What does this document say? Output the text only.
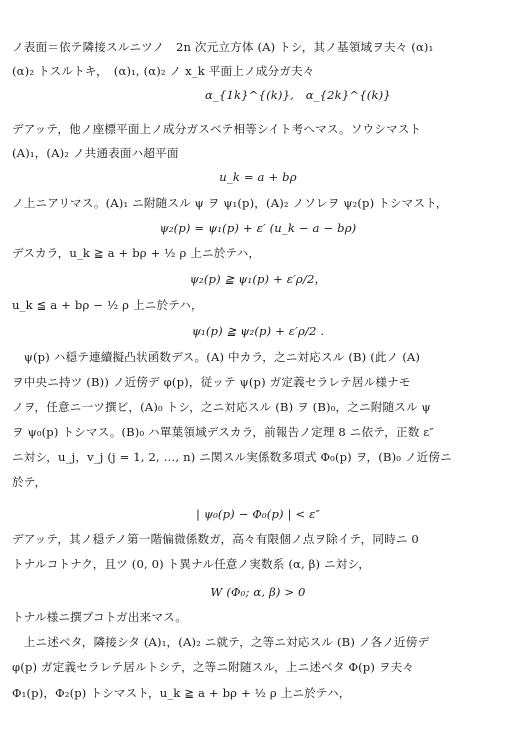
ノ表面＝依テ隣接スルニツノ　2n 次元立方体 (A) トシ，其ノ基領域ヲ夫々 (α)₁
(α)₂ トスルトキ，　(α)₁, (α)₂ ノ x_k 平面上ノ成分ガ夫々
α_{1k}^{(k)},　α_{2k}^{(k)}
デアッテ，他ノ座標平面上ノ成分ガスベテ相等シイト考ヘマス。ソウシマスト
(A)₁，(A)₂ ノ共通表面ハ超平面
u_k = a + bρ
ノ上ニアリマス。(A)₁ ニ附随スル ψ ヲ ψ₁(p)，(A)₂ ノソレヲ ψ₂(p) トシマスト，
ψ₂(p) = ψ₁(p) + ε′ (u_k − a − bρ)
デスカラ，u_k ≧ a + bρ + ½ ρ 上ニ於テハ，
ψ₂(p) ≧ ψ₁(p) + ε′ρ/2，
u_k ≦ a + bρ − ½ ρ 上ニ於テハ，
ψ₁(p) ≧ ψ₂(p) + ε′ρ/2 .
　ψ(p) ハ穏テ連續擬凸状函数デス。(A) 中カラ，之ニ対応スル (B) (此ノ (A)
ヲ中央ニ持ツ (B)) ノ近傍デ φ(p)，従ッテ ψ(p) ガ定義セラレテ居ル様ナモ
ノヲ，任意ニ一ツ撰ビ，(A)₀ トシ，之ニ対応スル (B) ヲ (B)₀，之ニ附随スル ψ
ヲ ψ₀(p) トシマス。(B)₀ ハ單葉領域デスカラ，前報告ノ定理 8 ニ依テ，正数 ε″
ニ対シ，u_j，v_j (j = 1, 2, …, n) ニ関スル実係数多項式 Φ₀(p) ヲ，(B)₀ ノ近傍ニ
於テ，
| ψ₀(p) − Φ₀(p) | < ε″
デアッテ，其ノ穏テノ第一階偏微係数ガ，高々有限個ノ点ヲ除イテ，同時ニ 0
トナルコトナク，且ツ (0, 0) ト異ナル任意ノ実数系 (α, β) ニ対シ，
W (Φ₀; α, β) > 0
トナル様ニ撰ブコトガ出来マス。
　上ニ述ベタ，隣接シタ (A)₁，(A)₂ ニ就テ，之等ニ対応スル (B) ノ各ノ近傍デ
φ(p) ガ定義セラレテ居ルトシテ，之等ニ附随スル，上ニ述ベタ Φ(p) ヲ夫々
Φ₁(p)，Φ₂(p) トシマスト，u_k ≧ a + bρ + ½ ρ 上ニ於テハ，
